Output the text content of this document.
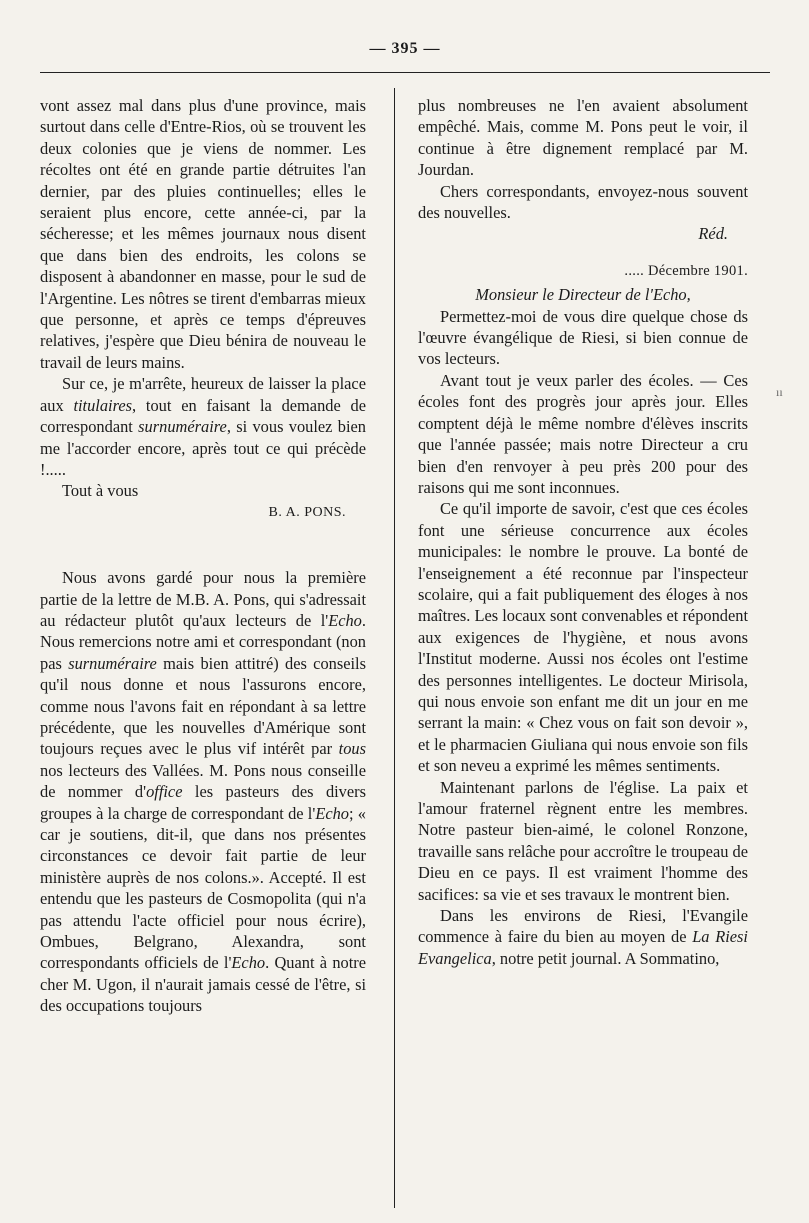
— 395 —
ıı

vont assez mal dans plus d'une province, mais surtout dans celle d'Entre-Rios, où se trouvent les deux colonies que je viens de nommer. Les récoltes ont été en grande partie détruites l'an dernier, par des pluies continuelles; elles le seraient plus encore, cette année-ci, par la sécheresse; et les mêmes journaux nous disent que dans bien des endroits, les colons se disposent à abandonner en masse, pour le sud de l'Argentine. Les nôtres se tirent d'embarras mieux que personne, et après ce temps d'épreuves relatives, j'espère que Dieu bénira de nouveau le travail de leurs mains.

Sur ce, je m'arrête, heureux de laisser la place aux titulaires, tout en faisant la demande de correspondant surnuméraire, si vous voulez bien me l'accorder encore, après tout ce qui précède !.....

Tout à vous

B. A. PONS.

Nous avons gardé pour nous la première partie de la lettre de M.B. A. Pons, qui s'adressait au rédacteur plutôt qu'aux lecteurs de l'Echo. Nous remercions notre ami et correspondant (non pas surnuméraire mais bien attitré) des conseils qu'il nous donne et nous l'assurons encore, comme nous l'avons fait en répondant à sa lettre précédente, que les nouvelles d'Amérique sont toujours reçues avec le plus vif intérêt par tous nos lecteurs des Vallées. M. Pons nous conseille de nommer d'office les pasteurs des divers groupes à la charge de correspondant de l'Echo; « car je soutiens, dit-il, que dans nos présentes circonstances ce devoir fait partie de leur ministère auprès de nos colons.». Accepté. Il est entendu que les pasteurs de Cosmopolita (qui n'a pas attendu l'acte officiel pour nous écrire), Ombues, Belgrano, Alexandra, sont correspondants officiels de l'Echo. Quant à notre cher M. Ugon, il n'aurait jamais cessé de l'être, si des occupations toujours

plus nombreuses ne l'en avaient absolument empêché. Mais, comme M. Pons peut le voir, il continue à être dignement remplacé par M. Jourdan.

Chers correspondants, envoyez-nous souvent des nouvelles.

Réd.

..... Décembre 1901.

Monsieur le Directeur de l'Echo,

Permettez-moi de vous dire quelque chose ds l'œuvre évangélique de Riesi, si bien connue de vos lecteurs.

Avant tout je veux parler des écoles. — Ces écoles font des progrès jour après jour. Elles comptent déjà le même nombre d'élèves inscrits que l'année passée; mais notre Directeur a cru bien d'en renvoyer à peu près 200 pour des raisons qui me sont inconnues.

Ce qu'il importe de savoir, c'est que ces écoles font une sérieuse concurrence aux écoles municipales: le nombre le prouve. La bonté de l'enseignement a été reconnue par l'inspecteur scolaire, qui a fait publiquement des éloges à nos maîtres. Les locaux sont convenables et répondent aux exigences de l'hygiène, et nous avons l'Institut moderne. Aussi nos écoles ont l'estime des personnes intelligentes. Le docteur Mirisola, qui nous envoie son enfant me dit un jour en me serrant la main: « Chez vous on fait son devoir », et le pharmacien Giuliana qui nous envoie son fils et son neveu a exprimé les mêmes sentiments.

Maintenant parlons de l'église. La paix et l'amour fraternel règnent entre les membres. Notre pasteur bien-aimé, le colonel Ronzone, travaille sans relâche pour accroître le troupeau de Dieu en ce pays. Il est vraiment l'homme des sacifices: sa vie et ses travaux le montrent bien.

Dans les environs de Riesi, l'Evangile commence à faire du bien au moyen de La Riesi Evangelica, notre petit journal. A Sommatino,
